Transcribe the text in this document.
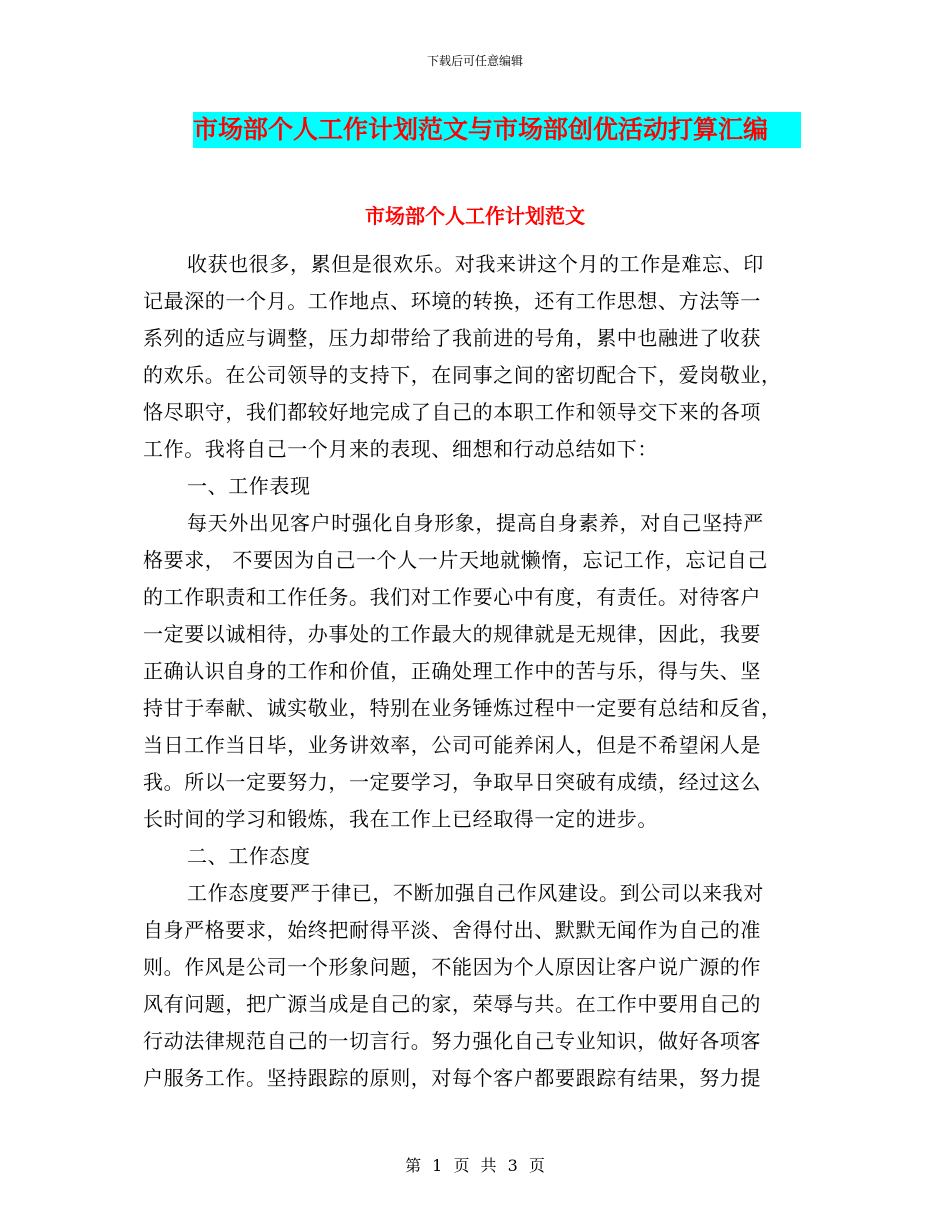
下载后可任意编辑
市场部个人工作计划范文与市场部创优活动打算汇编
市场部个人工作计划范文
收获也很多，累但是很欢乐。对我来讲这个月的工作是难忘、印
记最深的一个月。工作地点、环境的转换，还有工作思想、方法等一
系列的适应与调整，压力却带给了我前进的号角，累中也融进了收获
的欢乐。在公司领导的支持下，在同事之间的密切配合下，爱岗敬业，
恪尽职守，我们都较好地完成了自己的本职工作和领导交下来的各项
工作。我将自己一个月来的表现、细想和行动总结如下：
一、工作表现
每天外出见客户时强化自身形象，提高自身素养，对自己坚持严
格要求， 不要因为自己一个人一片天地就懒惰，忘记工作，忘记自己
的工作职责和工作任务。我们对工作要心中有度，有责任。对待客户
一定要以诚相待，办事处的工作最大的规律就是无规律，因此，我要
正确认识自身的工作和价值，正确处理工作中的苦与乐，得与失、坚
持甘于奉献、诚实敬业，特别在业务锤炼过程中一定要有总结和反省，
当日工作当日毕，业务讲效率，公司可能养闲人，但是不希望闲人是
我。所以一定要努力，一定要学习，争取早日突破有成绩，经过这么
长时间的学习和锻炼，我在工作上已经取得一定的进步。
二、工作态度
工作态度要严于律已，不断加强自己作风建设。到公司以来我对
自身严格要求，始终把耐得平淡、舍得付出、默默无闻作为自己的准
则。作风是公司一个形象问题，不能因为个人原因让客户说广源的作
风有问题，把广源当成是自己的家，荣辱与共。在工作中要用自己的
行动法律规范自己的一切言行。努力强化自己专业知识，做好各项客
户服务工作。坚持跟踪的原则，对每个客户都要跟踪有结果，努力提
第 1 页 共 3 页
